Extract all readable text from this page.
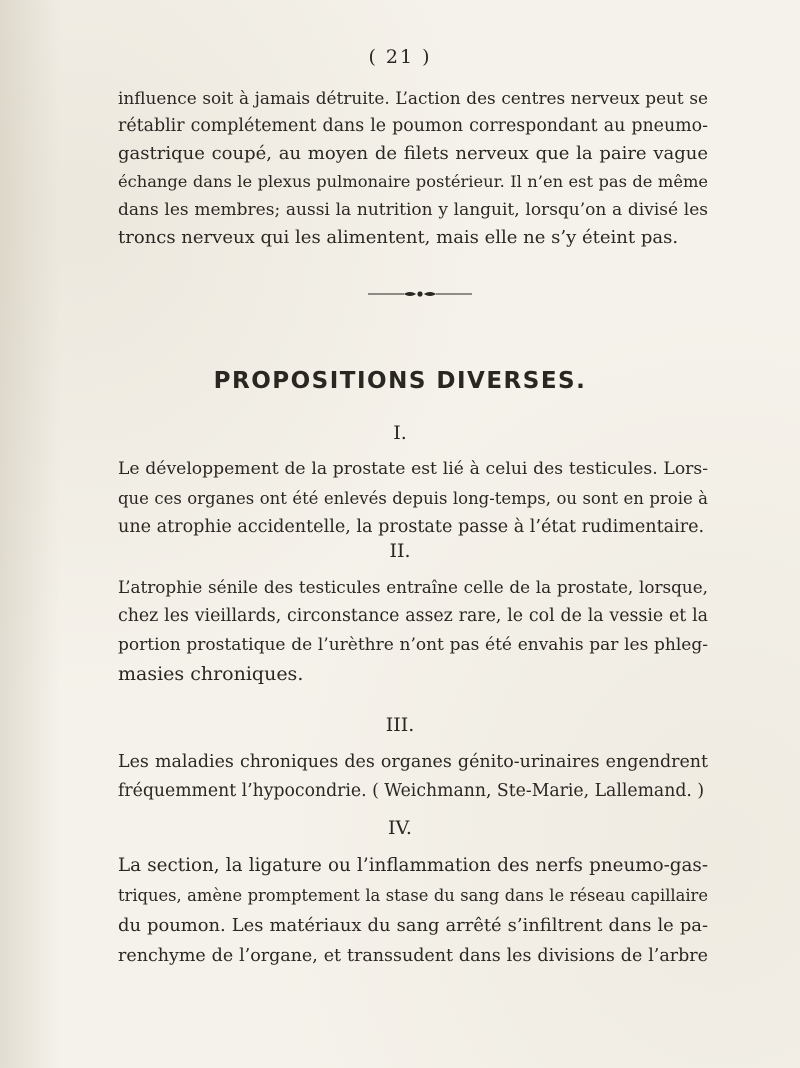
( 21 )
influence soit à jamais détruite. L’action des centres nerveux peut se
rétablir complétement dans le poumon correspondant au pneumo-
gastrique coupé, au moyen de filets nerveux que la paire vague
échange dans le plexus pulmonaire postérieur. Il n’en est pas de même
dans les membres; aussi la nutrition y languit, lorsqu’on a divisé les
troncs nerveux qui les alimentent, mais elle ne s’y éteint pas.
PROPOSITIONS DIVERSES.
I.
Le développement de la prostate est lié à celui des testicules. Lors-
que ces organes ont été enlevés depuis long-temps, ou sont en proie à
une atrophie accidentelle, la prostate passe à l’état rudimentaire.
II.
L’atrophie sénile des testicules entraîne celle de la prostate, lorsque,
chez les vieillards, circonstance assez rare, le col de la vessie et la
portion prostatique de l’urèthre n’ont pas été envahis par les phleg-
masies chroniques.
III.
Les maladies chroniques des organes génito-urinaires engendrent
fréquemment l’hypocondrie. ( Weichmann, Ste-Marie, Lallemand. )
IV.
La section, la ligature ou l’inflammation des nerfs pneumo-gas-
triques, amène promptement la stase du sang dans le réseau capillaire
du poumon. Les matériaux du sang arrêté s’infiltrent dans le pa-
renchyme de l’organe, et transsudent dans les divisions de l’arbre
